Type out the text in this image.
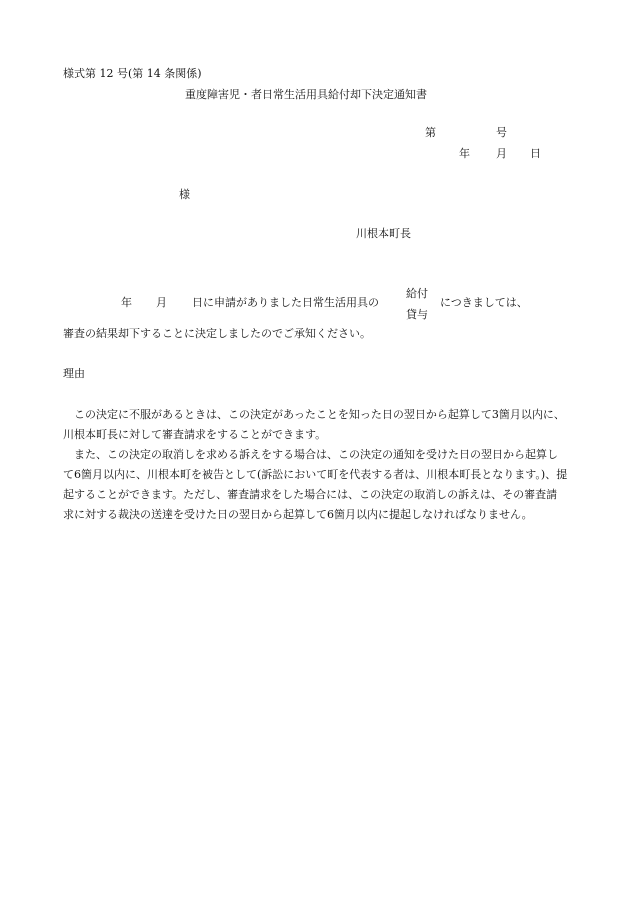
様式第 12 号(第 14 条関係)
重度障害児・者日常生活用具給付却下決定通知書
第	号
年 月 日
様
川根本町長
年 月 日に申請がありました日常生活用具の
給付
貸与
につきましては、
審査の結果却下することに決定しましたのでご承知ください。
理由

この決定に不服があるときは、この決定があったことを知った日の翌日から起算して3箇月以内に、川根本町長に対して審査請求をすることができます。

また、この決定の取消しを求める訴えをする場合は、この決定の通知を受けた日の翌日から起算して6箇月以内に、川根本町を被告として(訴訟において町を代表する者は、川根本町長となります。)、提起することができます。ただし、審査請求をした場合には、この決定の取消しの訴えは、その審査請求に対する裁決の送達を受けた日の翌日から起算して6箇月以内に提起しなければなりません。
